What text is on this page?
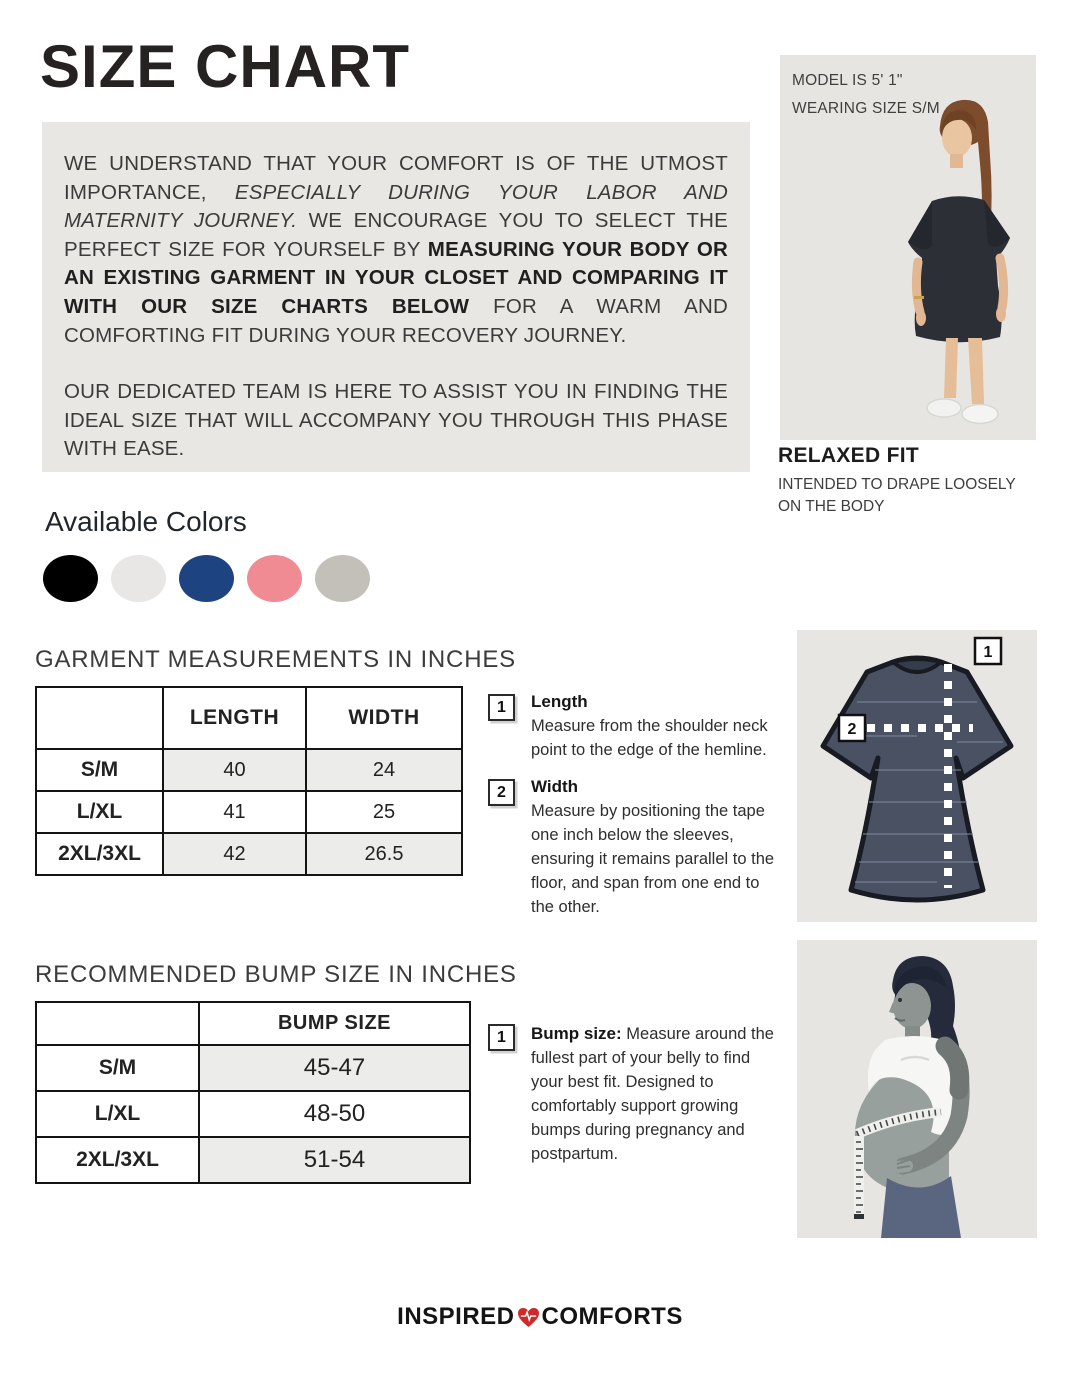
SIZE CHART

WE UNDERSTAND THAT YOUR COMFORT IS OF THE UTMOST IMPORTANCE, ESPECIALLY DURING YOUR LABOR AND MATERNITY JOURNEY. WE ENCOURAGE YOU TO SELECT THE PERFECT SIZE FOR YOURSELF BY MEASURING YOUR BODY OR AN EXISTING GARMENT IN YOUR CLOSET AND COMPARING IT WITH OUR SIZE CHARTS BELOW FOR A WARM AND COMFORTING FIT DURING YOUR RECOVERY JOURNEY.

OUR DEDICATED TEAM IS HERE TO ASSIST YOU IN FINDING THE IDEAL SIZE THAT WILL ACCOMPANY YOU THROUGH THIS PHASE WITH EASE.

MODEL IS 5' 1"
WEARING SIZE S/M
RELAXED FIT

INTENDED TO DRAPE LOOSELY ON THE BODY

Available Colors
GARMENT MEASUREMENTS IN INCHES
	LENGTH	WIDTH
S/M	40	24
L/XL	41	25
2XL/3XL	42	26.5
1	Length
Measure from the shoulder neck point to the edge of the hemline.
2	Width
Measure by positioning the tape one inch below the sleeves, ensuring it remains parallel to the floor, and span from one end to the other.
1
2
RECOMMENDED BUMP SIZE IN INCHES
	BUMP SIZE
S/M	45-47
L/XL	48-50
2XL/3XL	51-54
1	Bump size: Measure around the fullest part of your belly to find your best fit. Designed to comfortably support growing bumps during pregnancy and postpartum.
INSPIRED COMFORTS
